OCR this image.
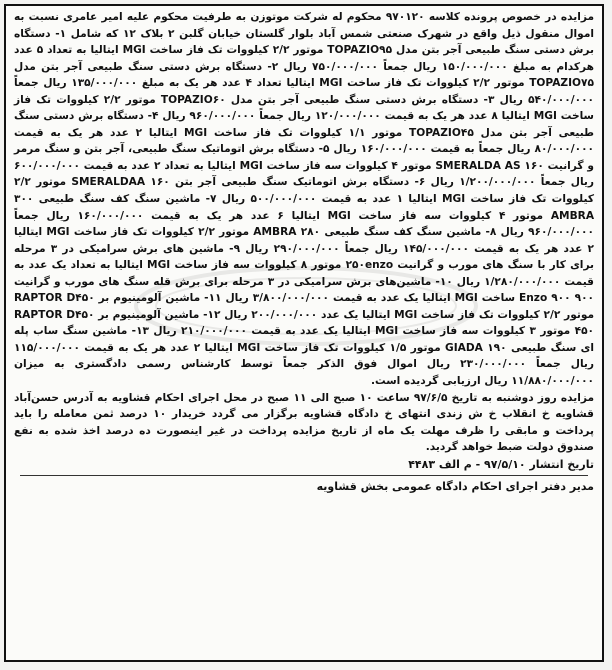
مزایده در خصوص پرونده کلاسه ۹۷۰۱۲۰ محکوم له شرکت موتوزن به طرفیت محکوم علیه امیر عامری نسبت به اموال منقول ذیل واقع در شهرک صنعتی شمس آباد بلوار گلستان خیابان گلبن ۲ بلاک ۱۲ که شامل ۱- دستگاه برش دستی سنگ طبیعی آجر بتن مدل TOPAZIO۹۵ موتور ۲/۲ کیلووات تک فاز ساخت MGI ایتالیا به تعداد ۵ عدد هرکدام به مبلغ ۱۵۰/۰۰۰/۰۰۰ ریال جمعاً ۷۵۰/۰۰۰/۰۰۰ ریال ۲- دستگاه برش دستی سنگ طبیعی آجر بتن مدل TOPAZIO۷۵ موتور ۲/۲ کیلووات تک فاز ساخت MGI ایتالیا تعداد ۴ عدد هر یک به مبلغ ۱۳۵/۰۰۰/۰۰۰ ریال جمعاً ۵۴۰/۰۰۰/۰۰۰ ریال ۳- دستگاه برش دستی سنگ طبیعی آجر بتن مدل TOPAZIO۶۰ موتور ۲/۲ کیلووات تک فاز ساخت MGI ایتالیا ۸ عدد هر یک به قیمت ۱۲۰/۰۰۰/۰۰۰ ریال جمعاً ۹۶۰/۰۰۰/۰۰۰ ریال ۴- دستگاه برش دستی سنگ طبیعی آجر بتن مدل TOPAZIO۴۵ موتور ۱/۱ کیلووات تک فاز ساخت MGI ایتالیا ۲ عدد هر یک به قیمت ۸۰/۰۰۰/۰۰۰ ریال جمعاً به قیمت ۱۶۰/۰۰۰/۰۰۰ ریال ۵- دستگاه برش اتوماتیک سنگ طبیعی، آجر بتن و سنگ مرمر و گرانیت SMERALDA AS ۱۶۰ موتور ۴ کیلووات سه فاز ساخت MGI ایتالیا به تعداد ۲ عدد به قیمت ۶۰۰/۰۰۰/۰۰۰ ریال جمعاً ۱/۲۰۰/۰۰۰/۰۰۰ ریال ۶- دستگاه برش اتوماتیک سنگ طبیعی آجر بتن SMERALDAA ۱۶۰ موتور ۲/۲ کیلووات تک فاز ساخت MGI ایتالیا ۱ عدد به قیمت ۵۰۰/۰۰۰/۰۰۰ ریال ۷- ماشین سنگ کف سنگ طبیعی ۳۰۰ AMBRA موتور ۴ کیلووات سه فاز ساخت MGI ایتالیا ۶ عدد هر یک به قیمت ۱۶۰/۰۰۰/۰۰۰ ریال جمعاً ۹۶۰/۰۰۰/۰۰۰ ریال ۸- ماشین سنگ کف سنگ طبیعی AMBRA ۲۸۰ موتور ۲/۲ کیلووات تک فاز ساخت MGI ایتالیا ۲ عدد هر یک به قیمت ۱۴۵/۰۰۰/۰۰۰ ریال جمعاً ۲۹۰/۰۰۰/۰۰۰ ریال ۹- ماشین های برش سرامیکی در ۳ مرحله برای کار با سنگ های مورب و گرانیت ۲۵۰enzo موتور ۸ کیلووات سه فاز ساخت MGI ایتالیا به تعداد یک عدد به قیمت ۱/۲۸۰/۰۰۰/۰۰۰ ریال ۱۰- ماشین‌های برش سرامیکی در ۳ مرحله برای برش قله سنگ های مورب و گرانیت ۹۰۰ Enzo ۹۰۰ ساخت MGI ایتالیا یک عدد به قیمت ۳/۸۰۰/۰۰۰/۰۰۰ ریال ۱۱- ماشین آلومینیوم بر RAPTOR D۴۵۰ موتور ۲/۲ کیلووات تک فاز ساخت MGI ایتالیا یک عدد ۲۰۰/۰۰۰/۰۰۰ ریال ۱۲- ماشین آلومینیوم بر RAPTOR D۴۵۰ ۴۵۰ موتور ۳ کیلووات سه فاز ساخت MGI ایتالیا یک عدد به قیمت ۲۱۰/۰۰۰/۰۰۰ ریال ۱۳- ماشین سنگ ساب پله ای سنگ طبیعی ۱۹۰ GIADA موتور ۱/۵ کیلووات تک فاز ساخت MGI ایتالیا ۲ عدد هر یک به قیمت ۱۱۵/۰۰۰/۰۰۰ ریال جمعاً ۲۳۰/۰۰۰/۰۰۰ ریال اموال فوق الذکر جمعاً توسط کارشناس رسمی دادگستری به میزان ۱۱/۸۸۰/۰۰۰/۰۰۰ ریال ارزیابی گردیده است.

مزایده روز دوشنبه به تاریخ ۹۷/۶/۵ ساعت ۱۰ صبح الی ۱۱ صبح در محل اجرای احکام قشاویه به آدرس حسن‌آباد قشاویه خ انقلاب خ ش زندی انتهای خ دادگاه قشاویه برگزار می گردد خریدار ۱۰ درصد ثمن معامله را باید پرداخت و مابقی را ظرف مهلت یک ماه از تاریخ مزایده پرداخت در غیر اینصورت ده درصد اخذ شده به نفع صندوق دولت ضبط خواهد گردید.

تاریخ انتشار ۹۷/۵/۱۰ - م الف ۴۴۸۳
مدیر دفتر اجرای احکام دادگاه عمومی بخش قشاویه
